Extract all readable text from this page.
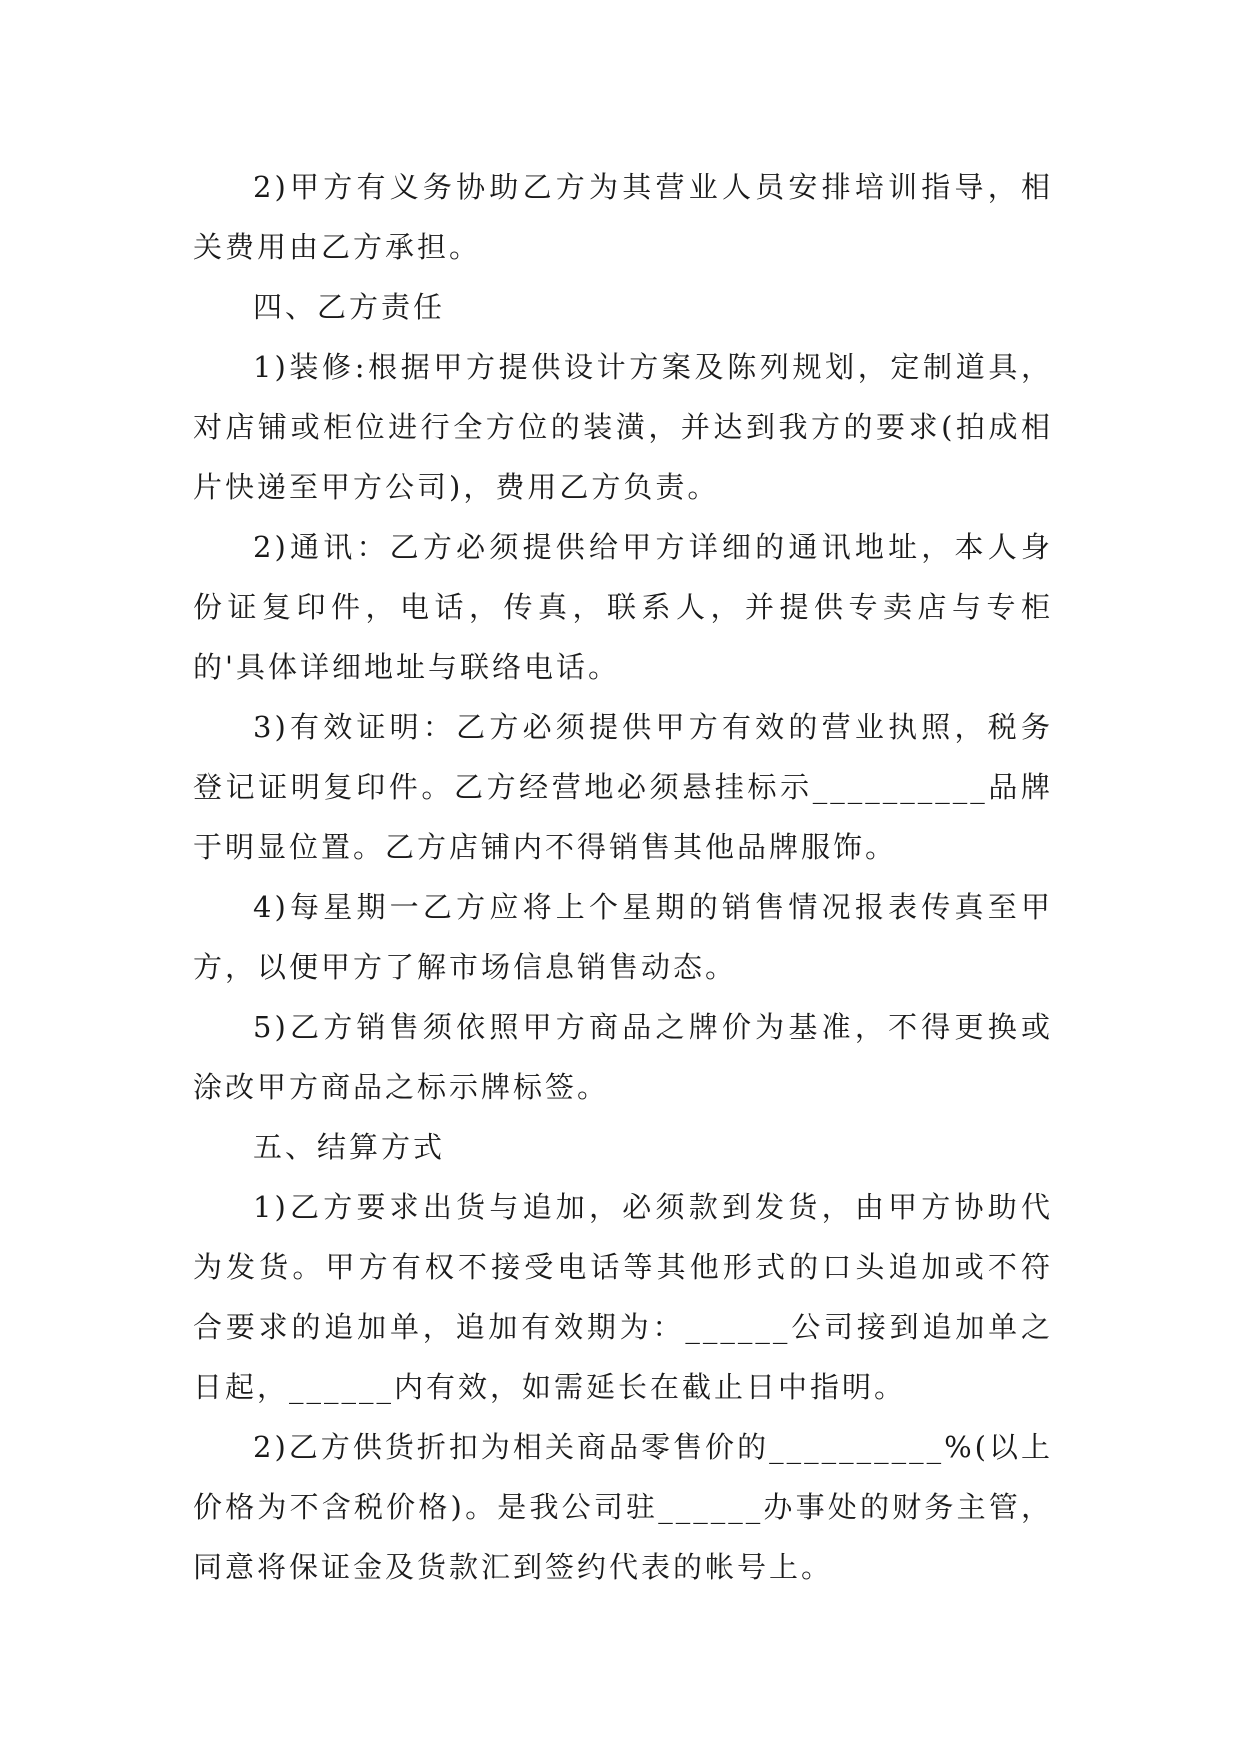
2)甲方有义务协助乙方为其营业人员安排培训指导，相关费用由乙方承担。

四、乙方责任

1)装修:根据甲方提供设计方案及陈列规划，定制道具，对店铺或柜位进行全方位的装潢，并达到我方的要求(拍成相片快递至甲方公司)，费用乙方负责。

2)通讯：乙方必须提供给甲方详细的通讯地址，本人身份证复印件，电话，传真，联系人，并提供专卖店与专柜的'具体详细地址与联络电话。

3)有效证明：乙方必须提供甲方有效的营业执照，税务登记证明复印件。乙方经营地必须悬挂标示__________品牌于明显位置。乙方店铺内不得销售其他品牌服饰。

4)每星期一乙方应将上个星期的销售情况报表传真至甲方，以便甲方了解市场信息销售动态。

5)乙方销售须依照甲方商品之牌价为基准，不得更换或涂改甲方商品之标示牌标签。

五、结算方式

1)乙方要求出货与追加，必须款到发货，由甲方协助代为发货。甲方有权不接受电话等其他形式的口头追加或不符合要求的追加单，追加有效期为：______公司接到追加单之日起，______内有效，如需延长在截止日中指明。

2)乙方供货折扣为相关商品零售价的__________%(以上价格为不含税价格)。是我公司驻______办事处的财务主管，同意将保证金及货款汇到签约代表的帐号上。
